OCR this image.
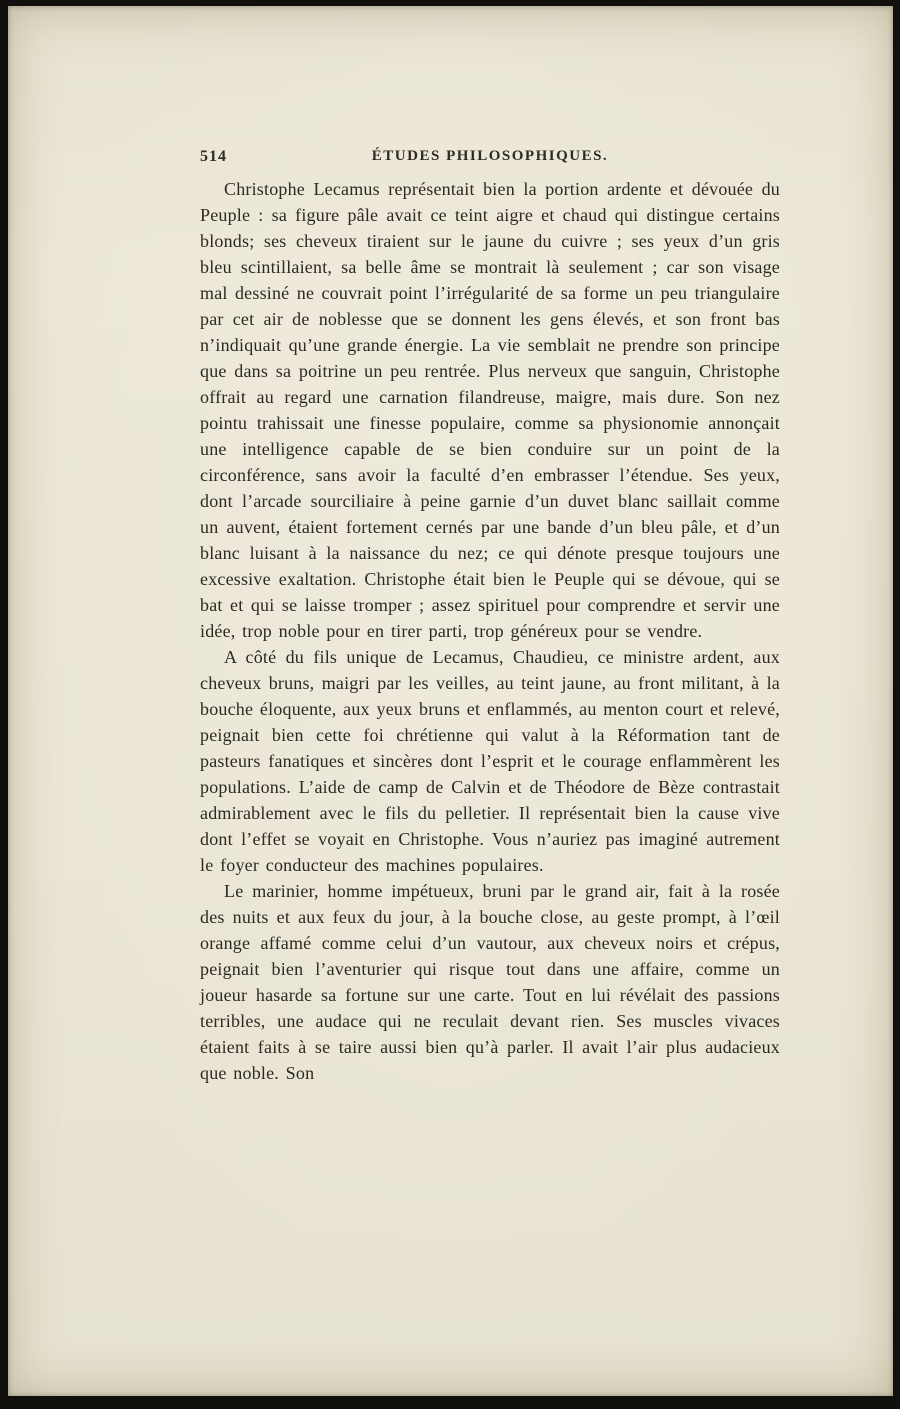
514	ÉTUDES PHILOSOPHIQUES.

Christophe Lecamus représentait bien la portion ardente et dévouée du Peuple : sa figure pâle avait ce teint aigre et chaud qui distingue certains blonds; ses cheveux tiraient sur le jaune du cuivre ; ses yeux d’un gris bleu scintillaient, sa belle âme se montrait là seulement ; car son visage mal dessiné ne couvrait point l’irrégularité de sa forme un peu triangulaire par cet air de noblesse que se donnent les gens élevés, et son front bas n’indiquait qu’une grande énergie. La vie semblait ne prendre son principe que dans sa poitrine un peu rentrée. Plus nerveux que sanguin, Christophe offrait au regard une carnation filandreuse, maigre, mais dure. Son nez pointu trahissait une finesse populaire, comme sa physionomie annonçait une intelligence capable de se bien conduire sur un point de la circonférence, sans avoir la faculté d’en embrasser l’étendue. Ses yeux, dont l’arcade sourciliaire à peine garnie d’un duvet blanc saillait comme un auvent, étaient fortement cernés par une bande d’un bleu pâle, et d’un blanc luisant à la naissance du nez; ce qui dénote presque toujours une excessive exaltation. Christophe était bien le Peuple qui se dévoue, qui se bat et qui se laisse tromper ; assez spirituel pour comprendre et servir une idée, trop noble pour en tirer parti, trop généreux pour se vendre.

A côté du fils unique de Lecamus, Chaudieu, ce ministre ardent, aux cheveux bruns, maigri par les veilles, au teint jaune, au front militant, à la bouche éloquente, aux yeux bruns et enflammés, au menton court et relevé, peignait bien cette foi chrétienne qui valut à la Réformation tant de pasteurs fanatiques et sincères dont l’esprit et le courage enflammèrent les populations. L’aide de camp de Calvin et de Théodore de Bèze contrastait admirablement avec le fils du pelletier. Il représentait bien la cause vive dont l’effet se voyait en Christophe. Vous n’auriez pas imaginé autrement le foyer conducteur des machines populaires.

Le marinier, homme impétueux, bruni par le grand air, fait à la rosée des nuits et aux feux du jour, à la bouche close, au geste prompt, à l’œil orange affamé comme celui d’un vautour, aux cheveux noirs et crépus, peignait bien l’aventurier qui risque tout dans une affaire, comme un joueur hasarde sa fortune sur une carte. Tout en lui révélait des passions terribles, une audace qui ne reculait devant rien. Ses muscles vivaces étaient faits à se taire aussi bien qu’à parler. Il avait l’air plus audacieux que noble. Son
